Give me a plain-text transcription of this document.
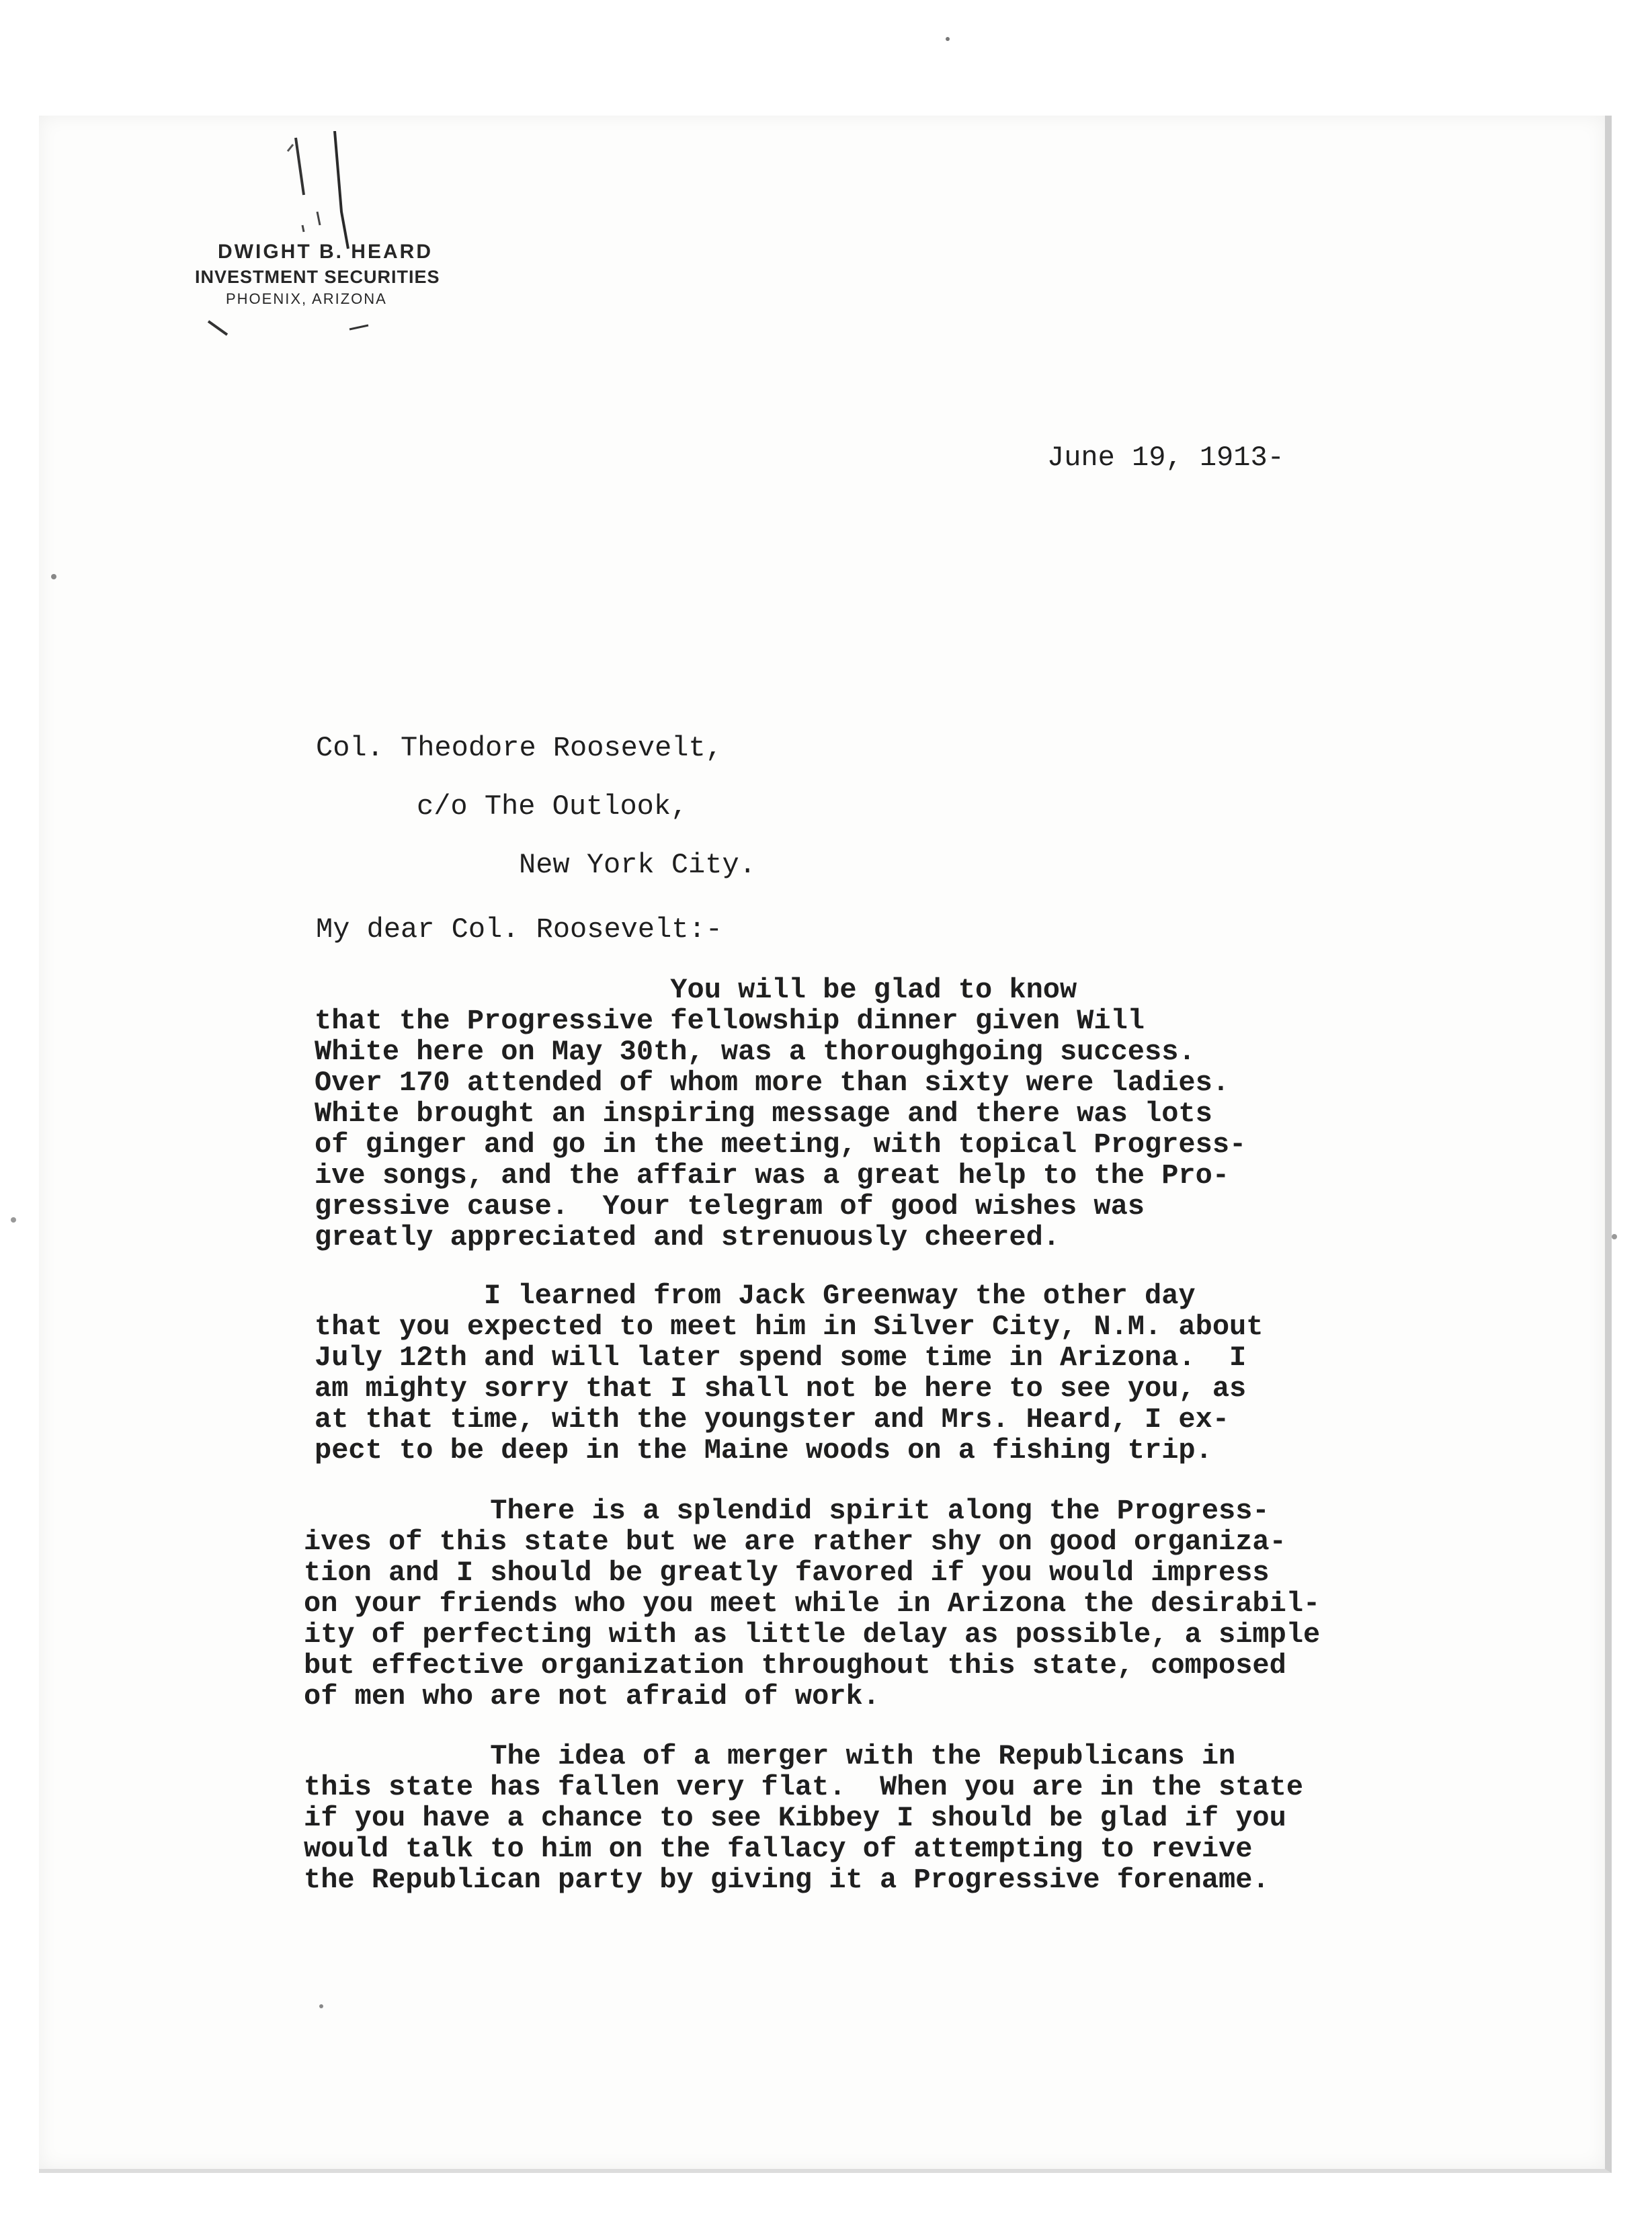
DWIGHT B. HEARD
INVESTMENT SECURITIES
PHOENIX, ARIZONA

June 19, 1913-

Col. Theodore Roosevelt,

c/o The Outlook,

New York City.

My dear Col. Roosevelt:-

You will be glad to know
that the Progressive fellowship dinner given Will
White here on May 30th, was a thoroughgoing success.
Over 170 attended of whom more than sixty were ladies.
White brought an inspiring message and there was lots
of ginger and go in the meeting, with topical Progress-
ive songs, and the affair was a great help to the Pro-
gressive cause.  Your telegram of good wishes was
greatly appreciated and strenuously cheered.

I learned from Jack Greenway the other day
that you expected to meet him in Silver City, N.M. about
July 12th and will later spend some time in Arizona.  I
am mighty sorry that I shall not be here to see you, as
at that time, with the youngster and Mrs. Heard, I ex-
pect to be deep in the Maine woods on a fishing trip.

There is a splendid spirit along the Progress-
ives of this state but we are rather shy on good organiza-
tion and I should be greatly favored if you would impress
on your friends who you meet while in Arizona the desirabil-
ity of perfecting with as little delay as possible, a simple
but effective organization throughout this state, composed
of men who are not afraid of work.

The idea of a merger with the Republicans in
this state has fallen very flat.  When you are in the state
if you have a chance to see Kibbey I should be glad if you
would talk to him on the fallacy of attempting to revive
the Republican party by giving it a Progressive forename.
